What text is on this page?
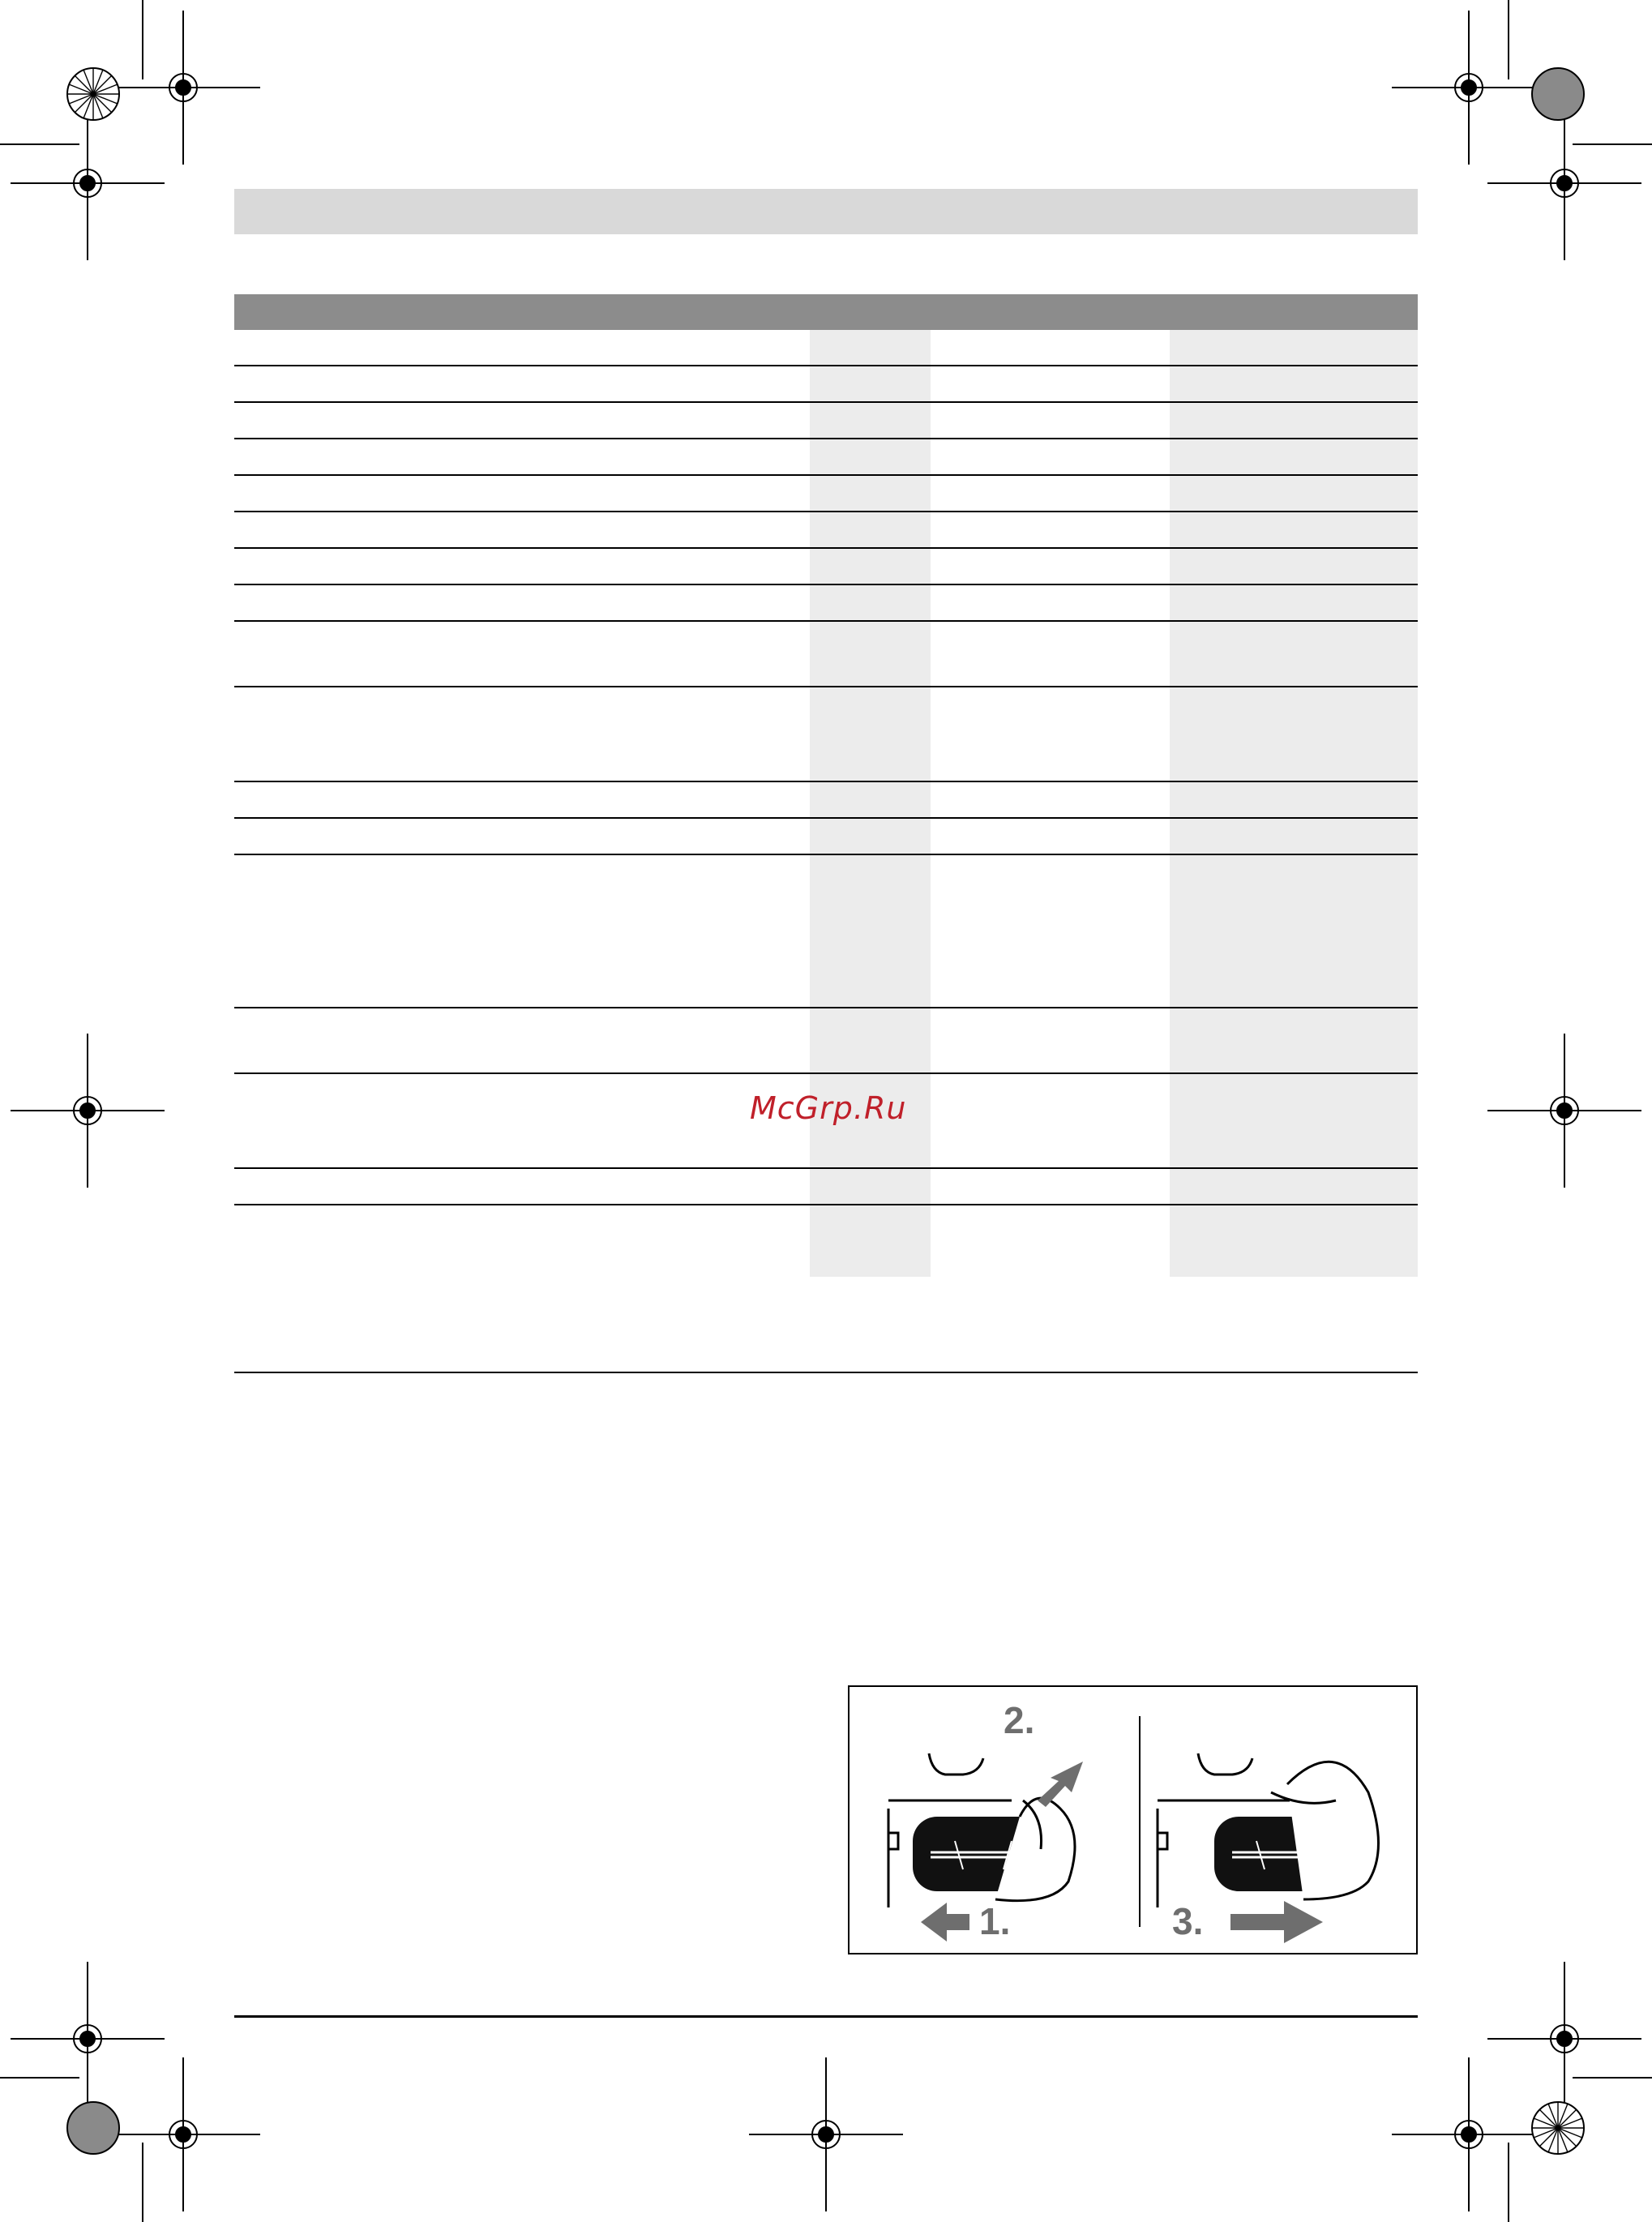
McGrp.Ru
2.
1.	3.
